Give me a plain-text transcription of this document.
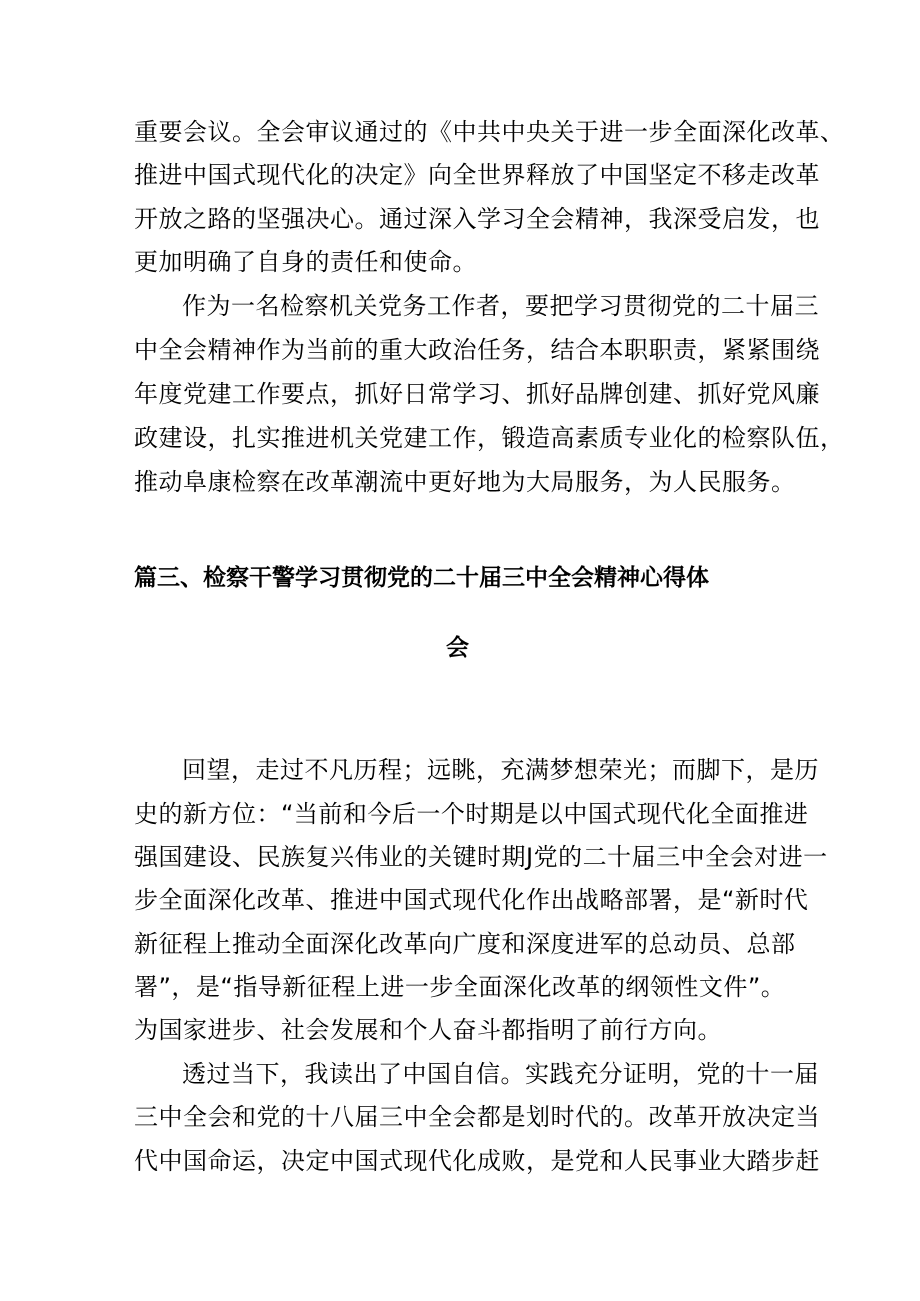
重要会议。全会审议通过的《中共中央关于进一步全面深化改革、
推进中国式现代化的决定》向全世界释放了中国坚定不移走改革
开放之路的坚强决心。通过深入学习全会精神，我深受启发，也
更加明确了自身的责任和使命。
作为一名检察机关党务工作者，要把学习贯彻党的二十届三
中全会精神作为当前的重大政治任务，结合本职职责，紧紧围绕
年度党建工作要点，抓好日常学习、抓好品牌创建、抓好党风廉
政建设，扎实推进机关党建工作，锻造高素质专业化的检察队伍，
推动阜康检察在改革潮流中更好地为大局服务，为人民服务。
篇三、检察干警学习贯彻党的二十届三中全会精神心得体
会
回望，走过不凡历程；远眺，充满梦想荣光；而脚下，是历
史的新方位：“当前和今后一个时期是以中国式现代化全面推进
强国建设、民族复兴伟业的关键时期J党的二十届三中全会对进一
步全面深化改革、推进中国式现代化作出战略部署，是“新时代
新征程上推动全面深化改革向广度和深度进军的总动员、总部
署”，是“指导新征程上进一步全面深化改革的纲领性文件”。
为国家进步、社会发展和个人奋斗都指明了前行方向。
透过当下，我读出了中国自信。实践充分证明，党的十一届
三中全会和党的十八届三中全会都是划时代的。改革开放决定当
代中国命运，决定中国式现代化成败，是党和人民事业大踏步赶
